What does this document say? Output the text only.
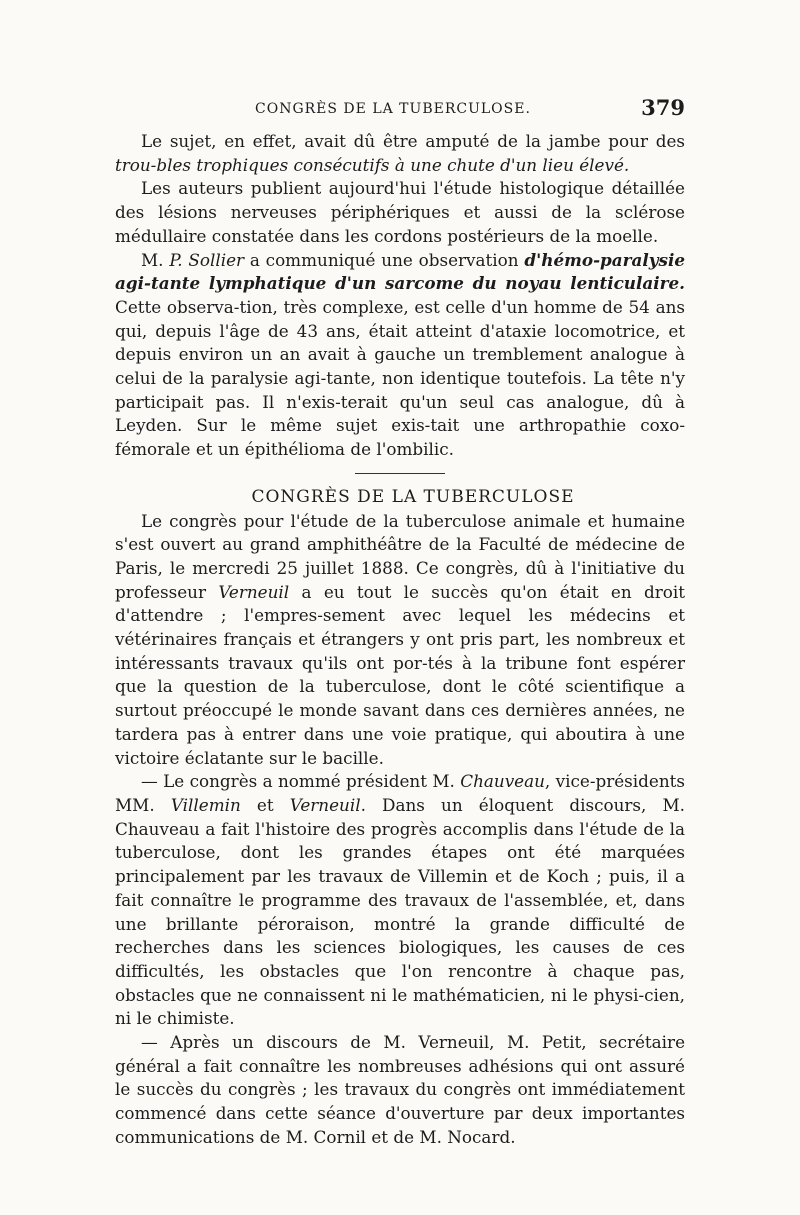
CONGRÈS DE LA TUBERCULOSE.	379

Le sujet, en effet, avait dû être amputé de la jambe pour des trou-bles trophiques consécutifs à une chute d'un lieu élevé.

Les auteurs publient aujourd'hui l'étude histologique détaillée des lésions nerveuses périphériques et aussi de la sclérose médullaire constatée dans les cordons postérieurs de la moelle.

M. P. Sollier a communiqué une observation d'hémo-paralysie agi-tante lymphatique d'un sarcome du noyau lenticulaire. Cette observa-tion, très complexe, est celle d'un homme de 54 ans qui, depuis l'âge de 43 ans, était atteint d'ataxie locomotrice, et depuis environ un an avait à gauche un tremblement analogue à celui de la paralysie agi-tante, non identique toutefois. La tête n'y participait pas. Il n'exis-terait qu'un seul cas analogue, dû à Leyden. Sur le même sujet exis-tait une arthropathie coxo-fémorale et un épithélioma de l'ombilic.

CONGRÈS DE LA TUBERCULOSE

Le congrès pour l'étude de la tuberculose animale et humaine s'est ouvert au grand amphithéâtre de la Faculté de médecine de Paris, le mercredi 25 juillet 1888. Ce congrès, dû à l'initiative du professeur Verneuil a eu tout le succès qu'on était en droit d'attendre ; l'empres-sement avec lequel les médecins et vétérinaires français et étrangers y ont pris part, les nombreux et intéressants travaux qu'ils ont por-tés à la tribune font espérer que la question de la tuberculose, dont le côté scientifique a surtout préoccupé le monde savant dans ces dernières années, ne tardera pas à entrer dans une voie pratique, qui aboutira à une victoire éclatante sur le bacille.

— Le congrès a nommé président M. Chauveau, vice-présidents MM. Villemin et Verneuil. Dans un éloquent discours, M. Chauveau a fait l'histoire des progrès accomplis dans l'étude de la tuberculose, dont les grandes étapes ont été marquées principalement par les travaux de Villemin et de Koch ; puis, il a fait connaître le programme des travaux de l'assemblée, et, dans une brillante péroraison, montré la grande difficulté de recherches dans les sciences biologiques, les causes de ces difficultés, les obstacles que l'on rencontre à chaque pas, obstacles que ne connaissent ni le mathématicien, ni le physi-cien, ni le chimiste.

— Après un discours de M. Verneuil, M. Petit, secrétaire général a fait connaître les nombreuses adhésions qui ont assuré le succès du congrès ; les travaux du congrès ont immédiatement commencé dans cette séance d'ouverture par deux importantes communications de M. Cornil et de M. Nocard.
